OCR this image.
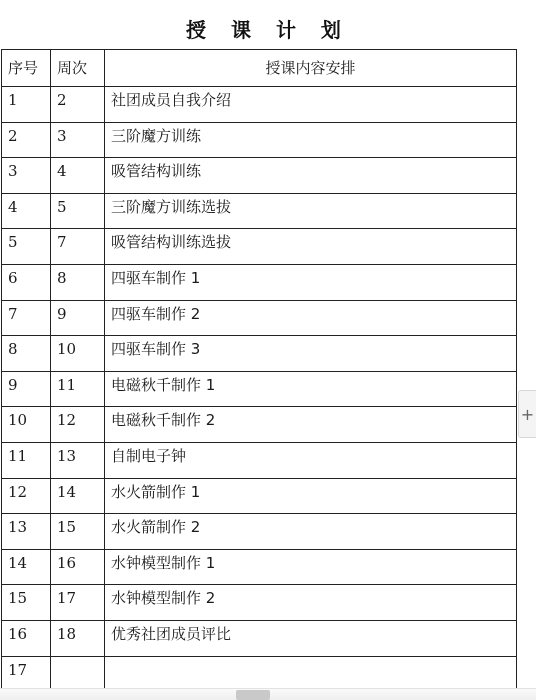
授 课 计 划
序号	周次	授课内容安排
1	2	社团成员自我介绍
2	3	三阶魔方训练
3	4	吸管结构训练
4	5	三阶魔方训练选拔
5	7	吸管结构训练选拔
6	8	四驱车制作 1
7	9	四驱车制作 2
8	10	四驱车制作 3
9	11	电磁秋千制作 1
10	12	电磁秋千制作 2
11	13	自制电子钟
12	14	水火箭制作 1
13	15	水火箭制作 2
14	16	水钟模型制作 1
15	17	水钟模型制作 2
16	18	优秀社团成员评比
17		
+
